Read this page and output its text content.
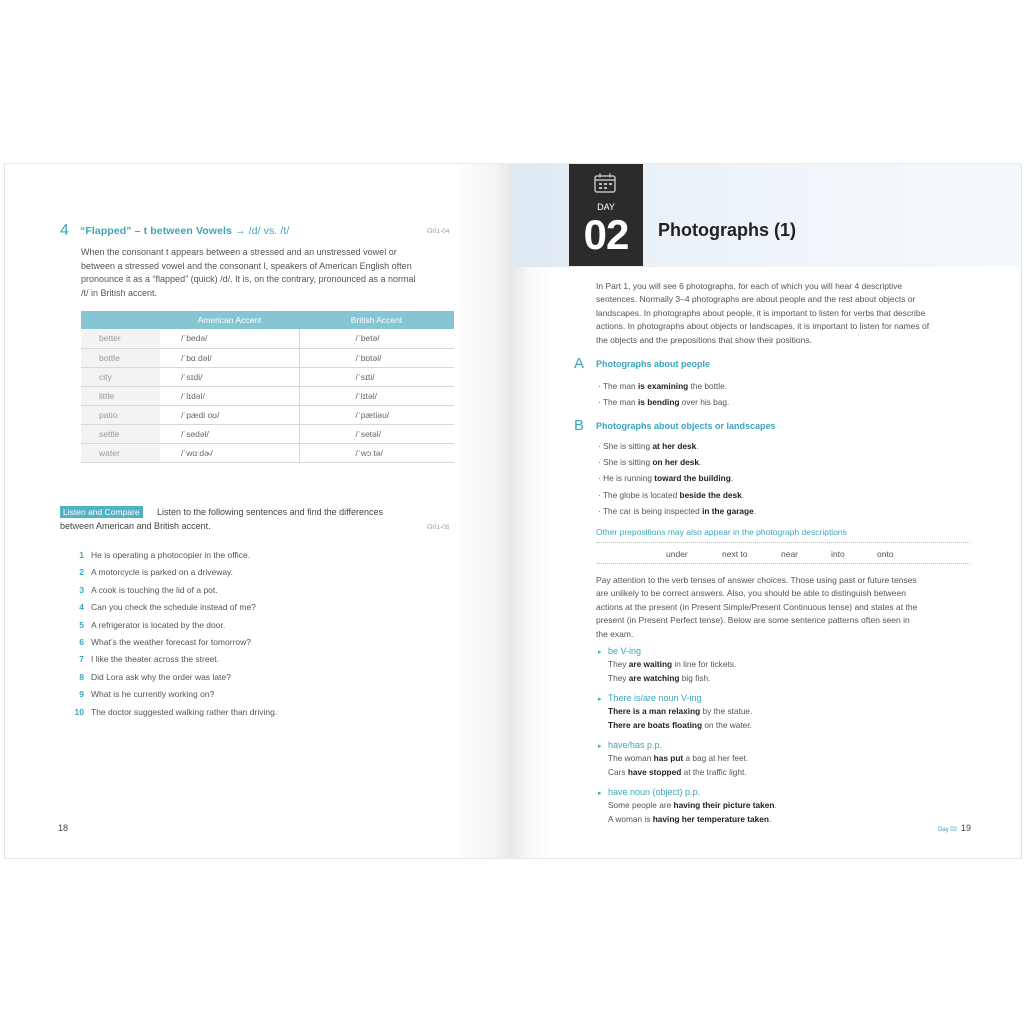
4 “Flapped” – t between Vowels → /d/ vs. /t/	☊01-04
When the consonant t appears between a stressed and an unstressed vowel or
between a stressed vowel and the consonant l, speakers of American English often
pronounce it as a “flapped” (quick) /d/. It is, on the contrary, pronounced as a normal
/t/ in British accent.
	American Accent	British Accent
better	/ˈbedə/	/ˈbetə/
bottle	/ˈbɑːdəl/	/ˈbɒtəl/
city	/ˈsɪdi/	/ˈsɪti/
little	/ˈlɪdəl/	/ˈlɪtəl/
patio	/ˈpædi oʊ/	/ˈpætiəʊ/
settle	/ˈsedəl/	/ˈsetəl/
water	/ˈwɑːdɚ/	/ˈwɔːtə/
Listen and Compare	Listen to the following sentences and find the differences
between American and British accent.	☊01-05
1 He is operating a photocopier in the office.
2 A motorcycle is parked on a driveway.
3 A cook is touching the lid of a pot.
4 Can you check the schedule instead of me?
5 A refrigerator is located by the door.
6 What’s the weather forecast for tomorrow?
7 I like the theater across the street.
8 Did Lora ask why the order was late?
9 What is he currently working on?
10 The doctor suggested walking rather than driving.
18
DAY
02	Photographs (1)
In Part 1, you will see 6 photographs, for each of which you will hear 4 descriptive
sentences. Normally 3–4 photographs are about people and the rest about objects or
landscapes. In photographs about people, it is important to listen for verbs that describe
actions. In photographs about objects or landscapes, it is important to listen for names of
the objects and the prepositions that show their positions.
A Photographs about people
· The man is examining the bottle.
· The man is bending over his bag.
B Photographs about objects or landscapes
· She is sitting at her desk.
· She is sitting on her desk.
· He is running toward the building.
· The globe is located beside the desk.
· The car is being inspected in the garage.
Other prepositions may also appear in the photograph descriptions
under	next to	near	into	onto
Pay attention to the verb tenses of answer choices. Those using past or future tenses
are unlikely to be correct answers. Also, you should be able to distinguish between
actions at the present (in Present Simple/Present Continuous tense) and states at the
present (in Present Perfect tense). Below are some sentence patterns often seen in
the exam.
▸ be V-ing
They are waiting in line for tickets.
They are watching big fish.
▸ There is/are noun V-ing
There is a man relaxing by the statue.
There are boats floating on the water.
▸ have/has p.p.
The woman has put a bag at her feet.
Cars have stopped at the traffic light.
▸ have noun (object) p.p.
Some people are having their picture taken.
A woman is having her temperature taken.
Day 02 19
